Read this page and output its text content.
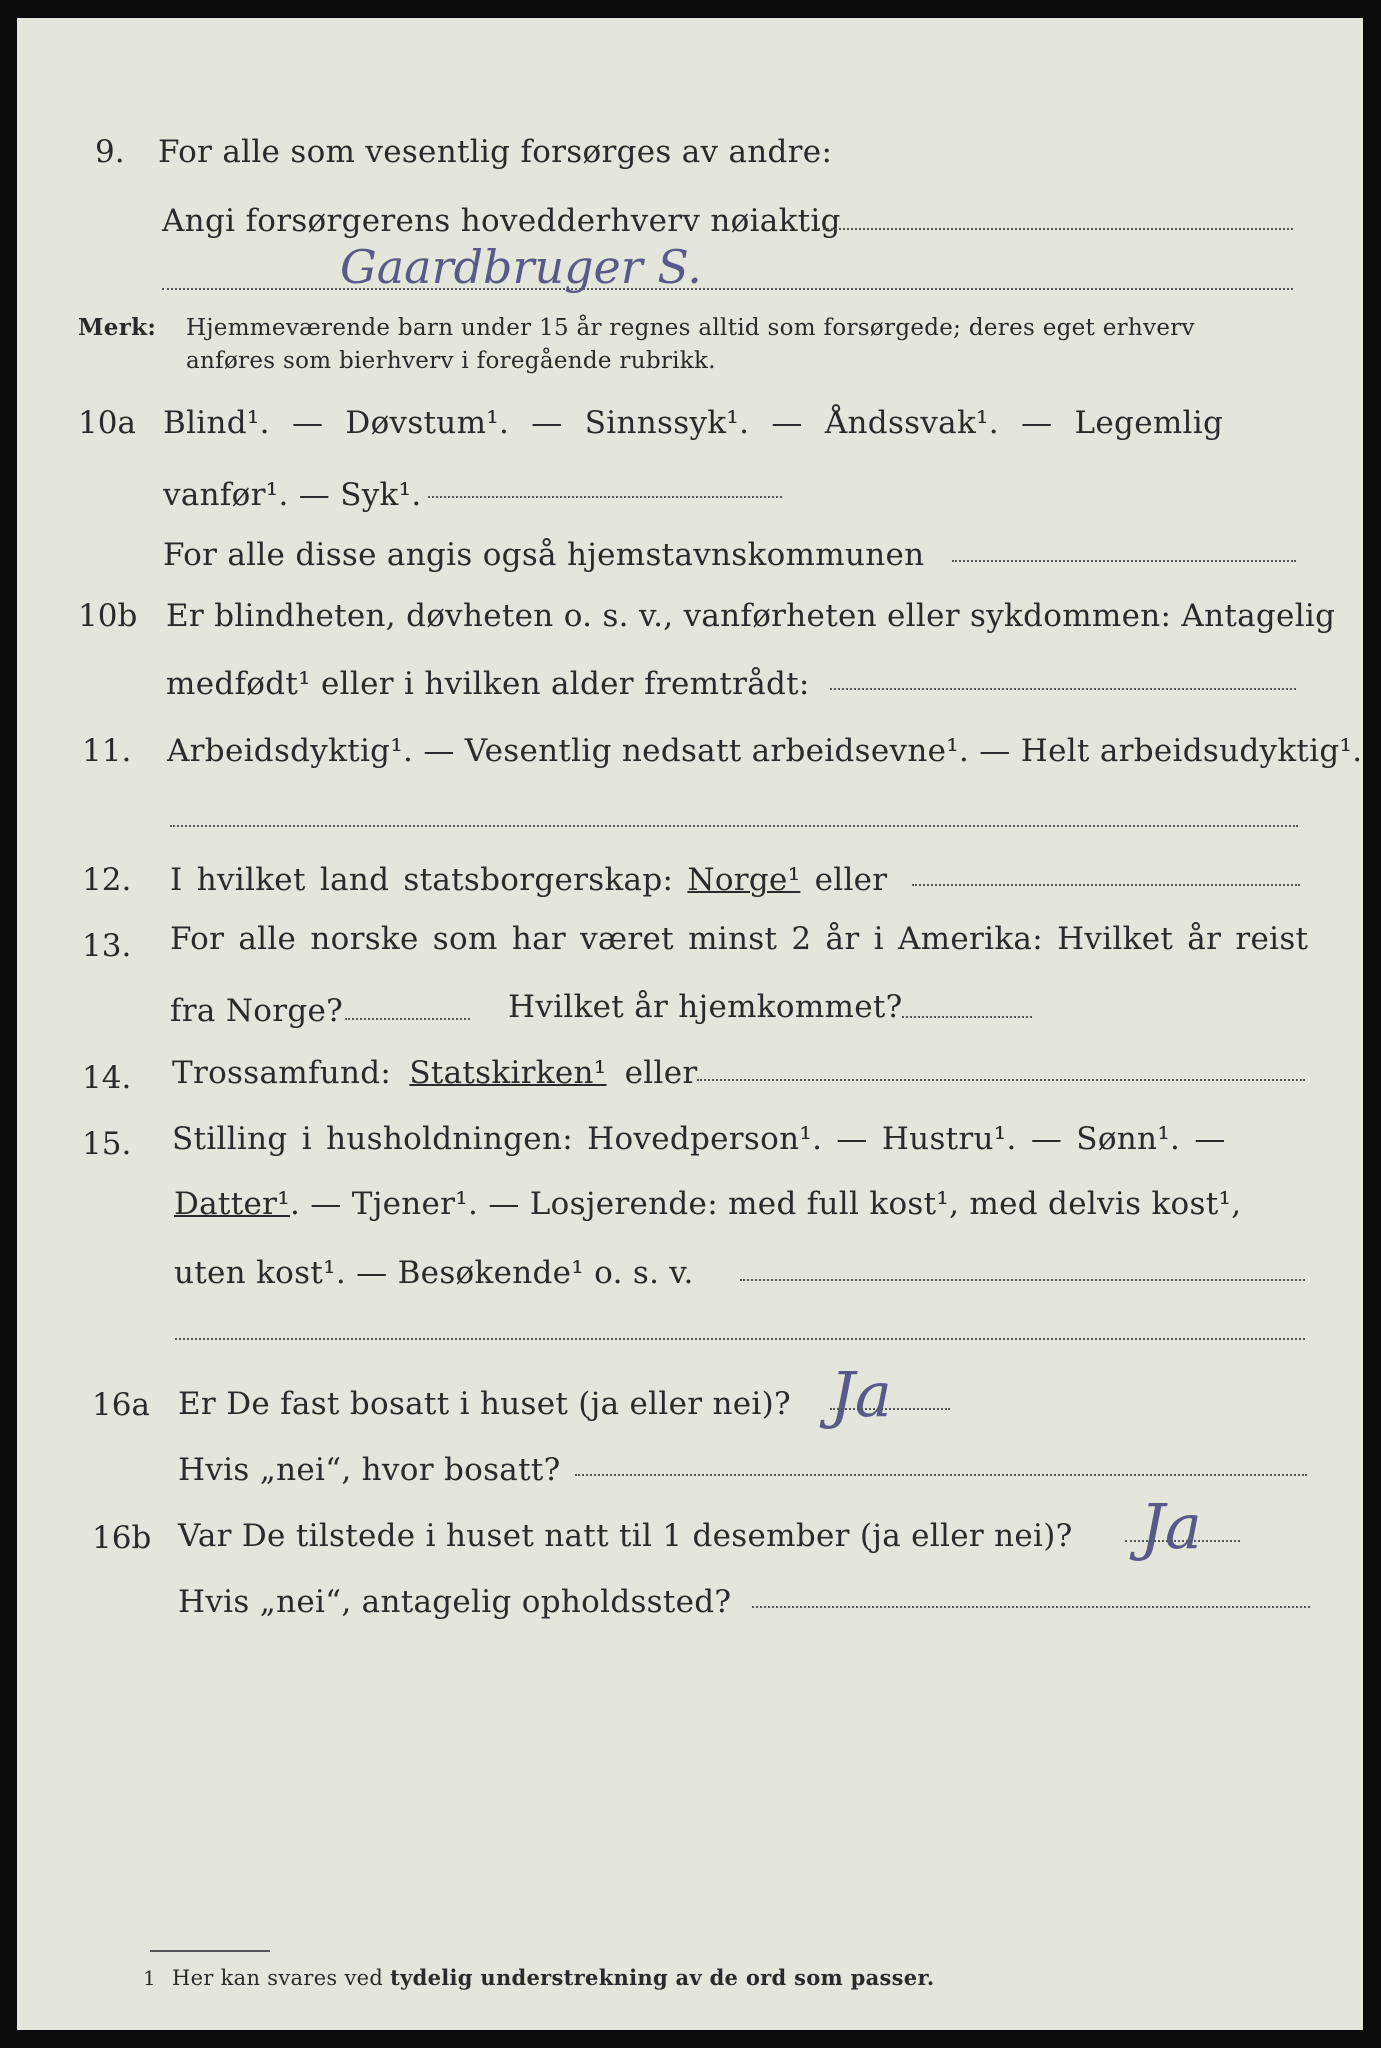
9. For alle som vesentlig forsørges av andre:
Angi forsørgerens hovedderhverv nøiaktig
Gaardbruger S.
Merk: Hjemmeværende barn under 15 år regnes alltid som forsørgede; deres eget erhverv
anføres som bierhverv i foregående rubrikk.
10a Blind¹. — Døvstum¹. — Sinnssyk¹. — Åndssvak¹. — Legemlig
vanfør¹. — Syk¹.
For alle disse angis også hjemstavnskommunen
10b Er blindheten, døvheten o. s. v., vanførheten eller sykdommen: Antagelig
medfødt¹ eller i hvilken alder fremtrådt:
11. Arbeidsdyktig¹. — Vesentlig nedsatt arbeidsevne¹. — Helt arbeidsudyktig¹.
12. I hvilket land statsborgerskap: Norge¹ eller
13. For alle norske som har været minst 2 år i Amerika: Hvilket år reist
fra Norge?	Hvilket år hjemkommet?
14. Trossamfund: Statskirken¹ eller
15. Stilling i husholdningen: Hovedperson¹. — Hustru¹. — Sønn¹. —
Datter¹. — Tjener¹. — Losjerende: med full kost¹, med delvis kost¹,
uten kost¹. — Besøkende¹ o. s. v.
16a Er De fast bosatt i huset (ja eller nei)? Ja
Hvis „nei“, hvor bosatt?
16b Var De tilstede i huset natt til 1 desember (ja eller nei)? Ja
Hvis „nei“, antagelig opholdssted?
1 Her kan svares ved tydelig understrekning av de ord som passer.
